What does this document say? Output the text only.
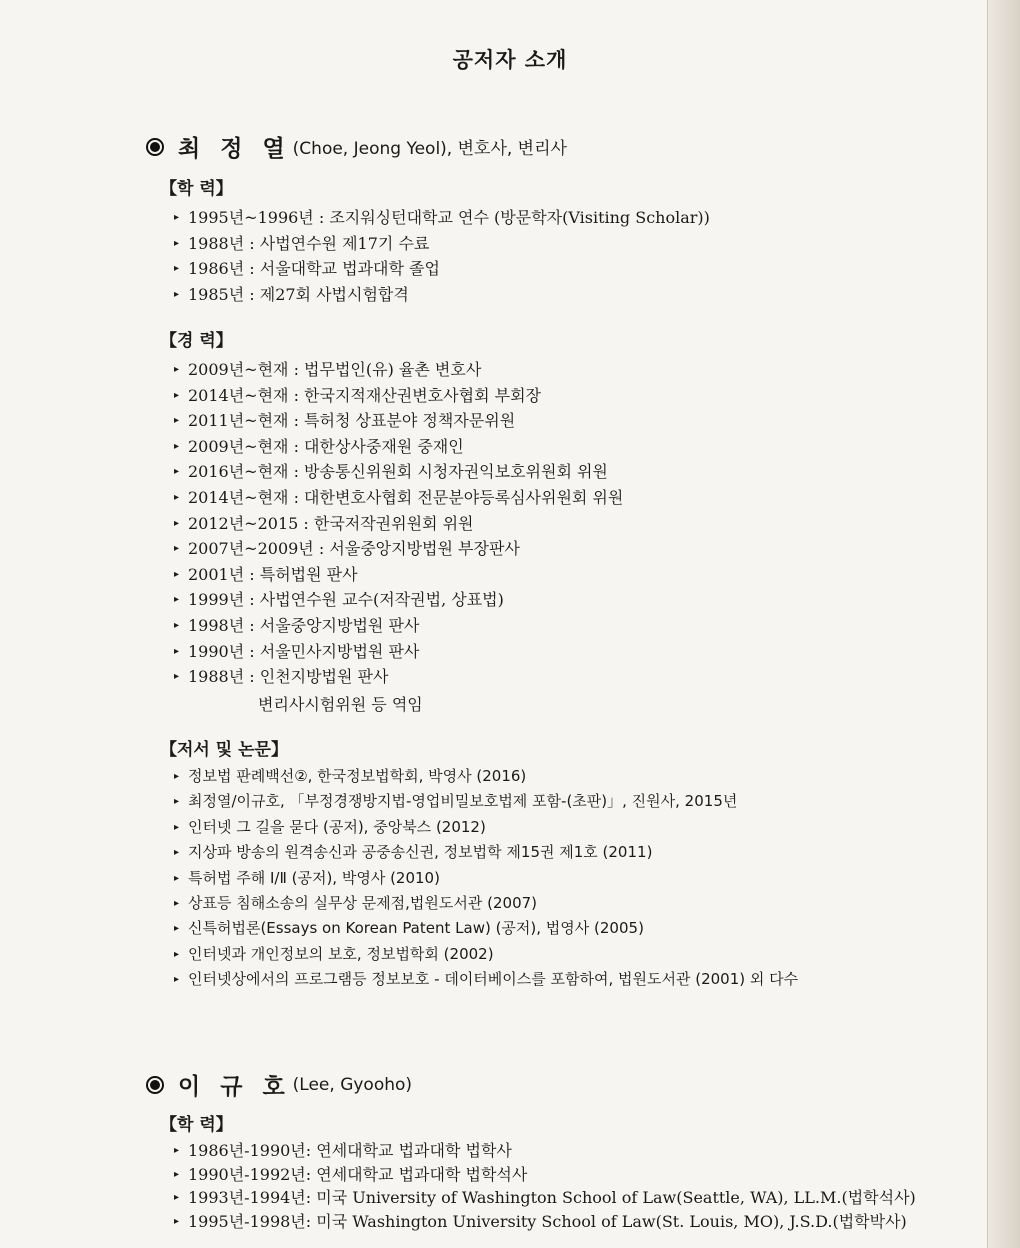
공저자 소개
최 정 열 (Choe, Jeong Yeol), 변호사, 변리사
【학 력】
▸ 1995년~1996년 : 조지워싱턴대학교 연수 (방문학자(Visiting Scholar))
▸ 1988년 : 사법연수원 제17기 수료
▸ 1986년 : 서울대학교 법과대학 졸업
▸ 1985년 : 제27회 사법시험합격
【경 력】
▸ 2009년~현재 : 법무법인(유) 율촌 변호사
▸ 2014년~현재 : 한국지적재산권변호사협회 부회장
▸ 2011년~현재 : 특허청 상표분야 정책자문위원
▸ 2009년~현재 : 대한상사중재원 중재인
▸ 2016년~현재 : 방송통신위원회 시청자권익보호위원회 위원
▸ 2014년~현재 : 대한변호사협회 전문분야등록심사위원회 위원
▸ 2012년~2015 : 한국저작권위원회 위원
▸ 2007년~2009년 : 서울중앙지방법원 부장판사
▸ 2001년 : 특허법원 판사
▸ 1999년 : 사법연수원 교수(저작권법, 상표법)
▸ 1998년 : 서울중앙지방법원 판사
▸ 1990년 : 서울민사지방법원 판사
▸ 1988년 : 인천지방법원 판사
변리사시험위원 등 역임
【저서 및 논문】
▸ 정보법 판례백선②, 한국정보법학회, 박영사 (2016)
▸ 최정열/이규호, 「부정경쟁방지법-영업비밀보호법제 포함-(초판)」, 진원사, 2015년
▸ 인터넷 그 길을 묻다 (공저), 중앙북스 (2012)
▸ 지상파 방송의 원격송신과 공중송신권, 정보법학 제15권 제1호 (2011)
▸ 특허법 주해 Ⅰ/Ⅱ (공저), 박영사 (2010)
▸ 상표등 침해소송의 실무상 문제점,법원도서관 (2007)
▸ 신특허법론(Essays on Korean Patent Law) (공저), 법영사 (2005)
▸ 인터넷과 개인정보의 보호, 정보법학회 (2002)
▸ 인터넷상에서의 프로그램등 정보보호 - 데이터베이스를 포함하여, 법원도서관 (2001) 외 다수
이 규 호 (Lee, Gyooho)
【학 력】
▸ 1986년-1990년: 연세대학교 법과대학 법학사
▸ 1990년-1992년: 연세대학교 법과대학 법학석사
▸ 1993년-1994년: 미국 University of Washington School of Law(Seattle, WA), LL.M.(법학석사)
▸ 1995년-1998년: 미국 Washington University School of Law(St. Louis, MO), J.S.D.(법학박사)
